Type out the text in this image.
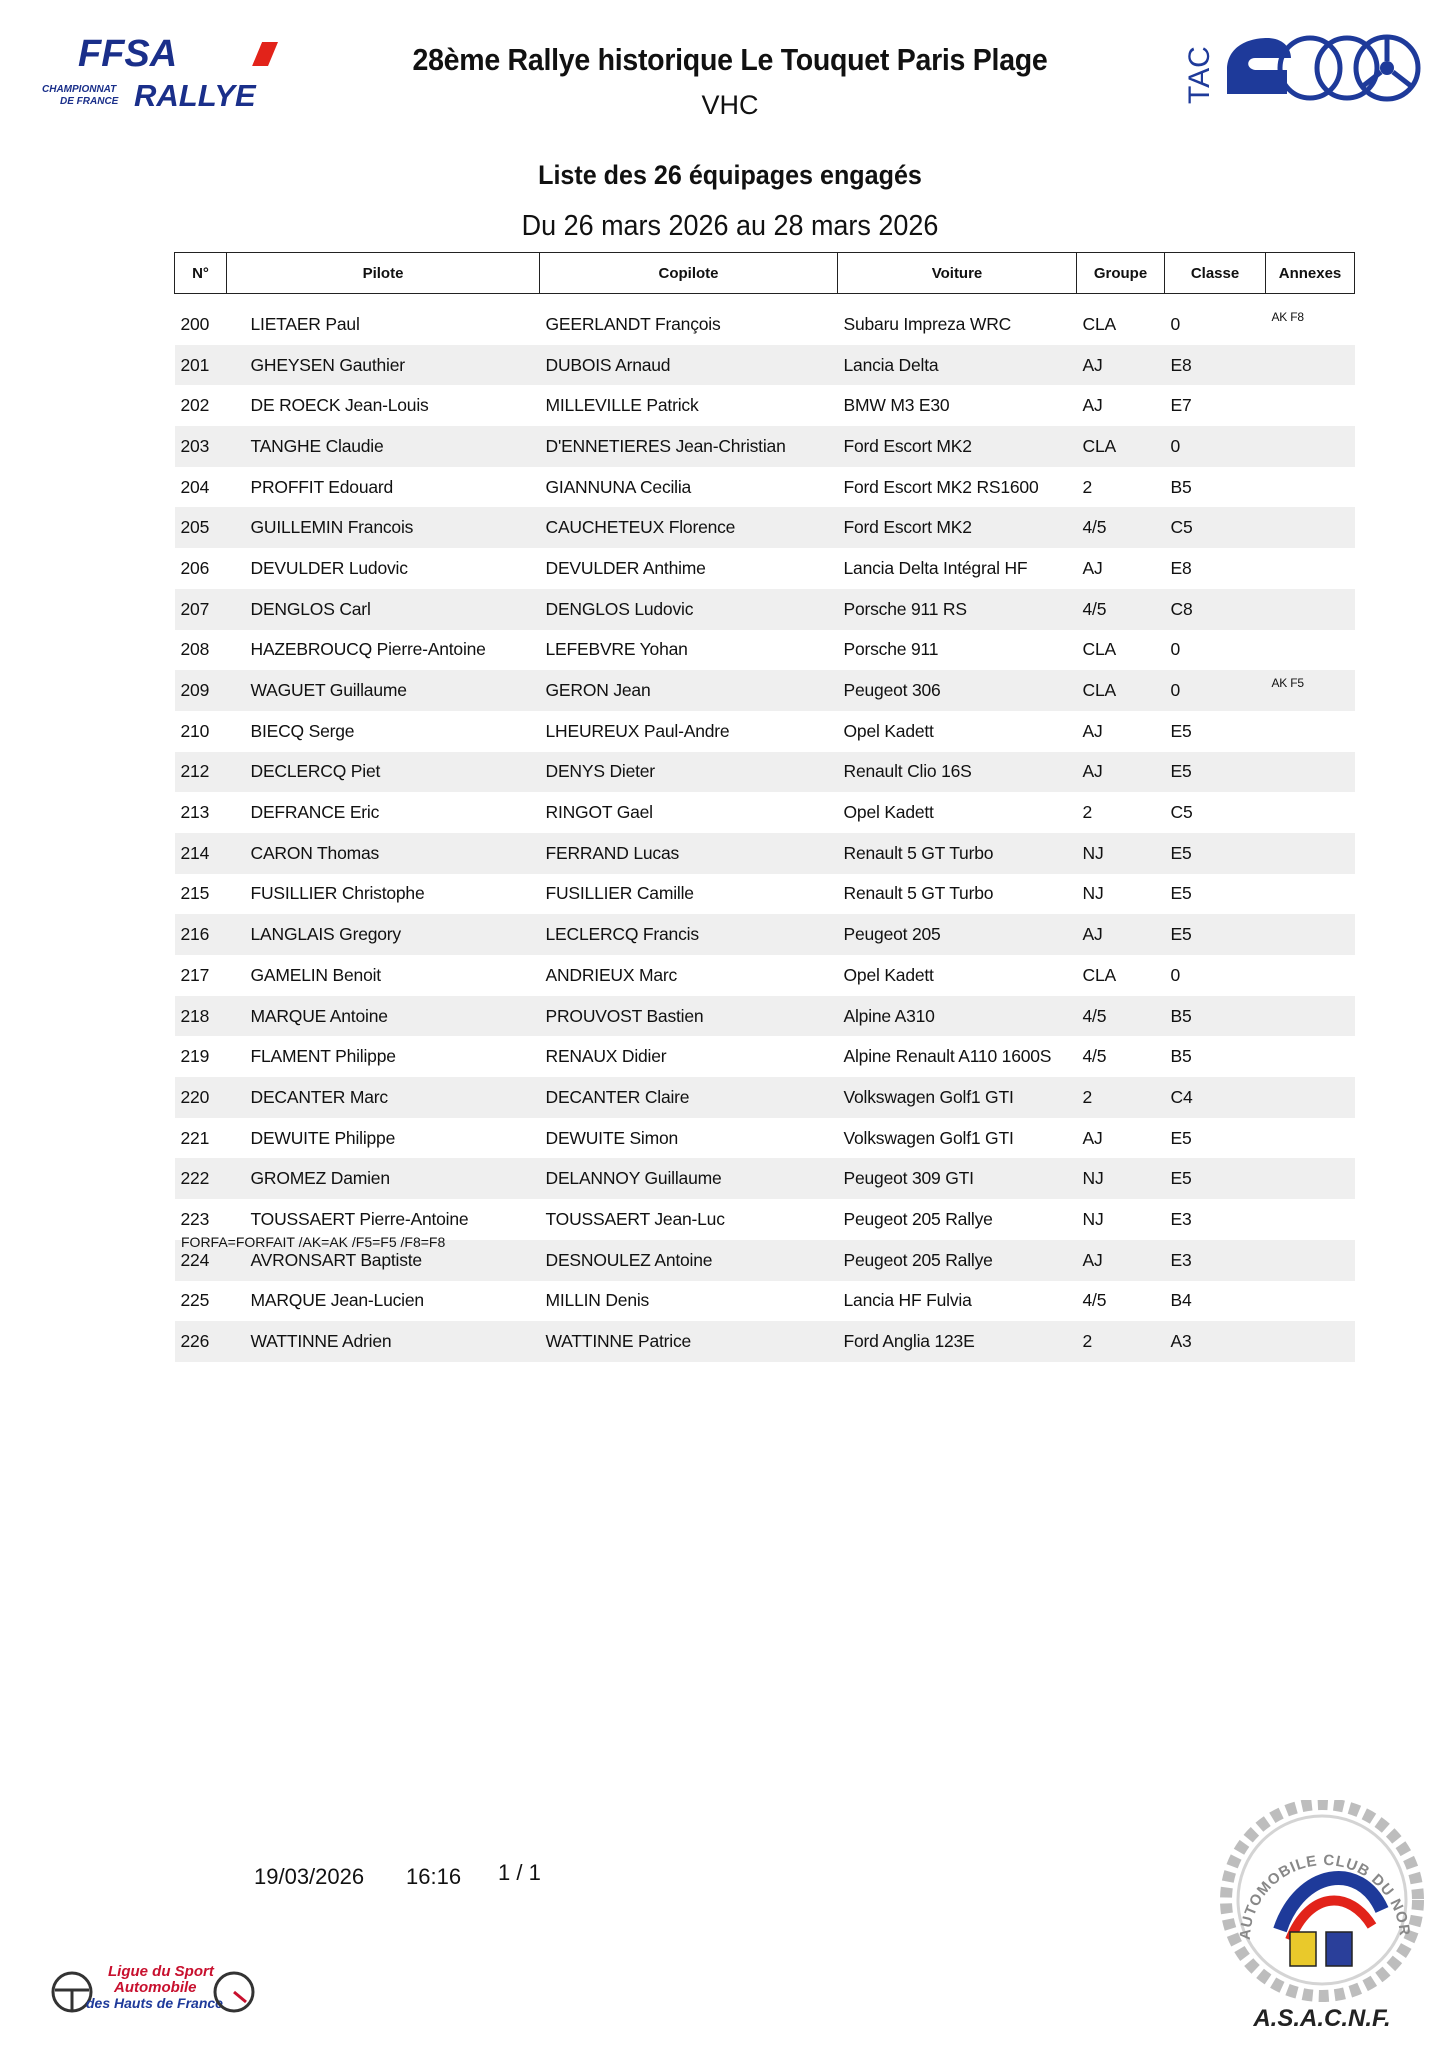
FFSA
CHAMPIONNAT
DE FRANCE RALLYE
28ème Rallye historique Le Touquet Paris Plage
VHC
TAC
Liste des 26 équipages engagés
Du 26 mars 2026 au 28 mars 2026
N°	Pilote	Copilote	Voiture	Groupe	Classe	Annexes

200	LIETAER Paul	GEERLANDT François	Subaru Impreza WRC	CLA	0	AK F8
201	GHEYSEN Gauthier	DUBOIS Arnaud	Lancia Delta	AJ	E8	
202	DE ROECK Jean-Louis	MILLEVILLE Patrick	BMW M3 E30	AJ	E7	
203	TANGHE Claudie	D'ENNETIERES Jean-Christian	Ford Escort MK2	CLA	0	
204	PROFFIT Edouard	GIANNUNA Cecilia	Ford Escort MK2 RS1600	2	B5	
205	GUILLEMIN Francois	CAUCHETEUX Florence	Ford Escort MK2	4/5	C5	
206	DEVULDER Ludovic	DEVULDER Anthime	Lancia Delta Intégral HF	AJ	E8	
207	DENGLOS Carl	DENGLOS Ludovic	Porsche 911 RS	4/5	C8	
208	HAZEBROUCQ Pierre-Antoine	LEFEBVRE Yohan	Porsche 911	CLA	0	
209	WAGUET Guillaume	GERON Jean	Peugeot 306	CLA	0	AK F5
210	BIECQ Serge	LHEUREUX Paul-Andre	Opel Kadett	AJ	E5	
212	DECLERCQ Piet	DENYS Dieter	Renault Clio 16S	AJ	E5	
213	DEFRANCE Eric	RINGOT Gael	Opel Kadett	2	C5	
214	CARON Thomas	FERRAND Lucas	Renault 5 GT Turbo	NJ	E5	
215	FUSILLIER Christophe	FUSILLIER Camille	Renault 5 GT Turbo	NJ	E5	
216	LANGLAIS Gregory	LECLERCQ Francis	Peugeot 205	AJ	E5	
217	GAMELIN Benoit	ANDRIEUX Marc	Opel Kadett	CLA	0	
218	MARQUE Antoine	PROUVOST Bastien	Alpine A310	4/5	B5	
219	FLAMENT Philippe	RENAUX Didier	Alpine Renault A110 1600S	4/5	B5	
220	DECANTER Marc	DECANTER Claire	Volkswagen Golf1 GTI	2	C4	
221	DEWUITE Philippe	DEWUITE Simon	Volkswagen Golf1 GTI	AJ	E5	
222	GROMEZ Damien	DELANNOY Guillaume	Peugeot 309 GTI	NJ	E5	
223	TOUSSAERT Pierre-Antoine	TOUSSAERT Jean-Luc	Peugeot 205 Rallye	NJ	E3	
224	AVRONSART Baptiste	DESNOULEZ Antoine	Peugeot 205 Rallye	AJ	E3	
225	MARQUE Jean-Lucien	MILLIN Denis	Lancia HF Fulvia	4/5	B4	
226	WATTINNE Adrien	WATTINNE Patrice	Ford Anglia 123E	2	A3	
FORFA=FORFAIT /AK=AK /F5=F5 /F8=F8
19/03/2026 16:16 1 / 1
Ligue du Sport
Automobile
des Hauts de France
AUTOMOBILE CLUB DU NOR
A.S.A.C.N.F.
